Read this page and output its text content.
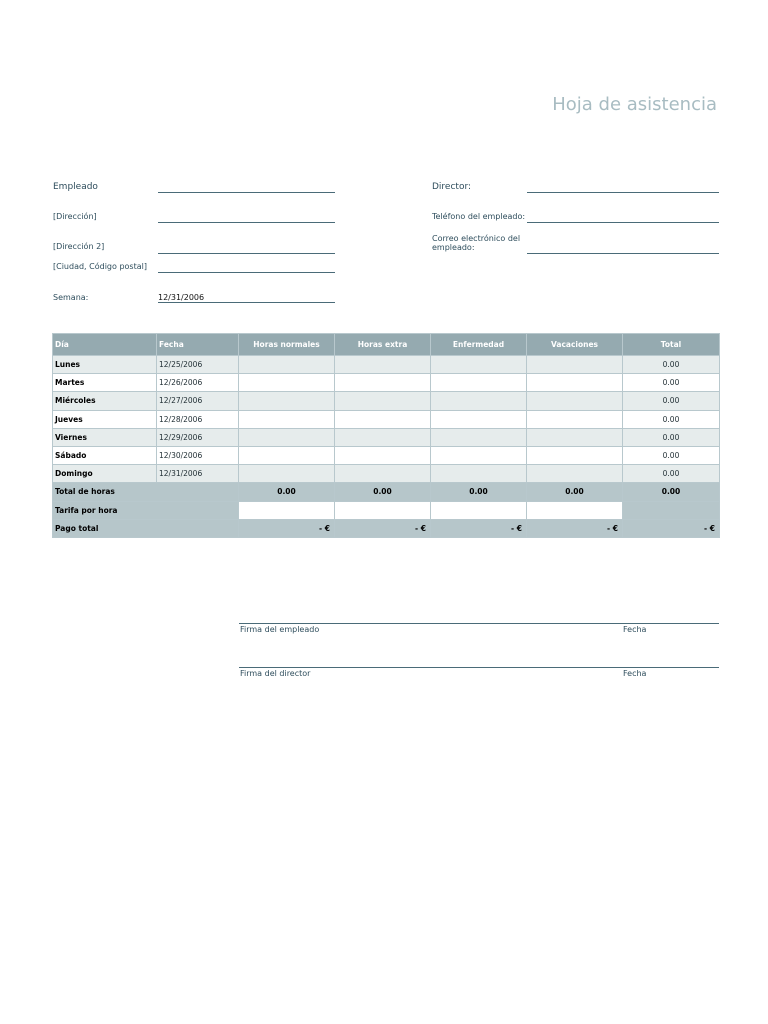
Hoja de asistencia
Empleado
[Dirección]
[Dirección 2]
[Ciudad, Código postal]
Semana:	12/31/2006
Director:
Teléfono del empleado:
Correo electrónico del
empleado:
Día	Fecha	Horas normales	Horas extra	Enfermedad	Vacaciones	Total
Lunes	12/25/2006					0.00
Martes	12/26/2006					0.00
Miércoles	12/27/2006					0.00
Jueves	12/28/2006					0.00
Viernes	12/29/2006					0.00
Sábado	12/30/2006					0.00
Domingo	12/31/2006					0.00
Total de horas		0.00	0.00	0.00	0.00	0.00
Tarifa por hora						
Pago total		- €	- €	- €	- €	- €
Firma del empleado	Fecha
Firma del director	Fecha
